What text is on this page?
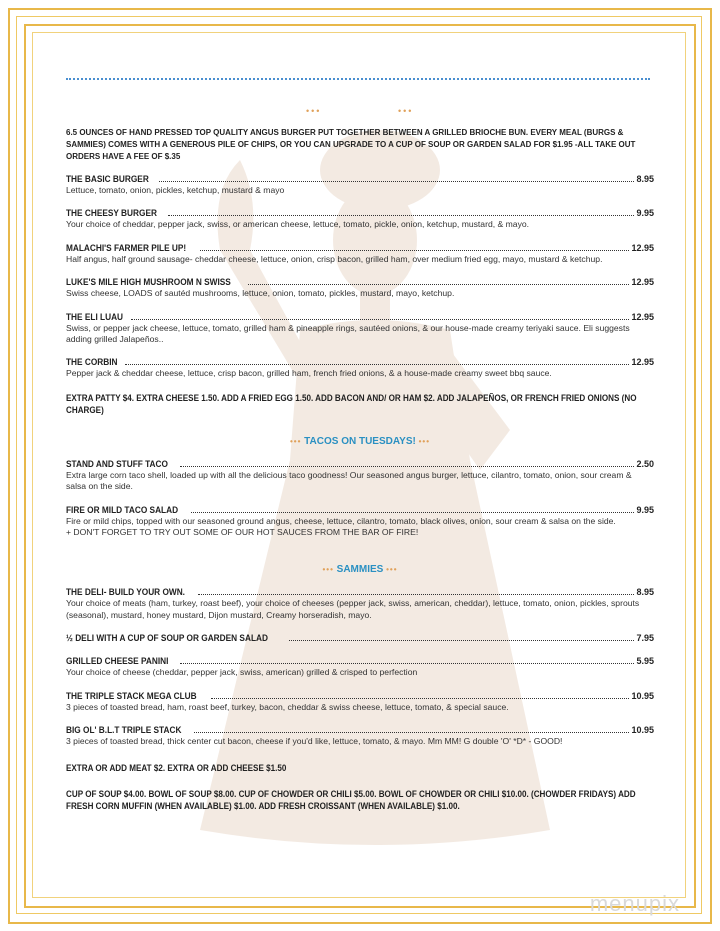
•••	•••
6.5 OUNCES OF HAND PRESSED TOP QUALITY ANGUS BURGER PUT TOGETHER BETWEEN A GRILLED BRIOCHE BUN. EVERY MEAL (BURGS & SAMMIES) COMES WITH A GENEROUS PILE OF CHIPS, OR YOU CAN UPGRADE TO A CUP OF SOUP OR GARDEN SALAD FOR $1.95 -ALL TAKE OUT ORDERS HAVE A FEE OF $.35
THE BASIC BURGER	8.95
Lettuce, tomato, onion, pickles, ketchup, mustard & mayo
THE CHEESY BURGER	9.95
Your choice of cheddar, pepper jack, swiss, or american cheese, lettuce, tomato, pickle, onion, ketchup, mustard, & mayo.
MALACHI'S FARMER PILE UP!	12.95
Half angus, half ground sausage- cheddar cheese, lettuce, onion, crisp bacon, grilled ham, over medium fried egg, mayo, mustard & ketchup.
LUKE'S MILE HIGH MUSHROOM N SWISS	12.95
Swiss cheese, LOADS of sautéd mushrooms, lettuce, onion, tomato, pickles, mustard, mayo, ketchup.
THE ELI LUAU	12.95
Swiss, or pepper jack cheese, lettuce, tomato, grilled ham & pineapple rings, sautéed onions, & our house-made creamy teriyaki sauce. Eli suggests adding grilled Jalapeños..
THE CORBIN	12.95
Pepper jack & cheddar cheese, lettuce, crisp bacon, grilled ham, french fried onions, & a house-made creamy sweet bbq sauce.
EXTRA PATTY $4. EXTRA CHEESE 1.50. ADD A FRIED EGG 1.50. ADD BACON AND/ OR HAM $2. ADD JALAPEÑOS, OR FRENCH FRIED ONIONS (NO CHARGE)
••• TACOS ON TUESDAYS! •••
STAND AND STUFF TACO	2.50
Extra large corn taco shell, loaded up with all the delicious taco goodness! Our seasoned angus burger, lettuce, cilantro, tomato, onion, sour cream & salsa on the side.
FIRE OR MILD TACO SALAD	9.95
Fire or mild chips, topped with our seasoned ground angus, cheese, lettuce, cilantro, tomato, black olives, onion, sour cream & salsa on the side.
+ DON'T FORGET TO TRY OUT SOME OF OUR HOT SAUCES FROM THE BAR OF FIRE!
••• SAMMIES •••
THE DELI- BUILD YOUR OWN.	8.95
Your choice of meats (ham, turkey, roast beef), your choice of cheeses (pepper jack, swiss, american, cheddar), lettuce, tomato, onion, pickles, sprouts (seasonal), mustard, honey mustard, Dijon mustard, Creamy horseradish, mayo.
½ DELI WITH A CUP OF SOUP OR GARDEN SALAD	7.95
GRILLED CHEESE PANINI	5.95
Your choice of cheese (cheddar, pepper jack, swiss, american) grilled & crisped to perfection
THE TRIPLE STACK MEGA CLUB	10.95
3 pieces of toasted bread, ham, roast beef, turkey, bacon, cheddar & swiss cheese, lettuce, tomato, & special sauce.
BIG OL' B.L.T TRIPLE STACK	10.95
3 pieces of toasted bread, thick center cut bacon, cheese if you'd like, lettuce, tomato, & mayo. Mm MM! G double 'O' *D* - GOOD!
EXTRA OR ADD MEAT $2. EXTRA OR ADD CHEESE $1.50
CUP OF SOUP $4.00. BOWL OF SOUP $8.00. CUP OF CHOWDER OR CHILI $5.00. BOWL OF CHOWDER OR CHILI $10.00. (CHOWDER FRIDAYS) ADD FRESH CORN MUFFIN (WHEN AVAILABLE) $1.00. ADD FRESH CROISSANT (WHEN AVAILABLE) $1.00.
menupix
